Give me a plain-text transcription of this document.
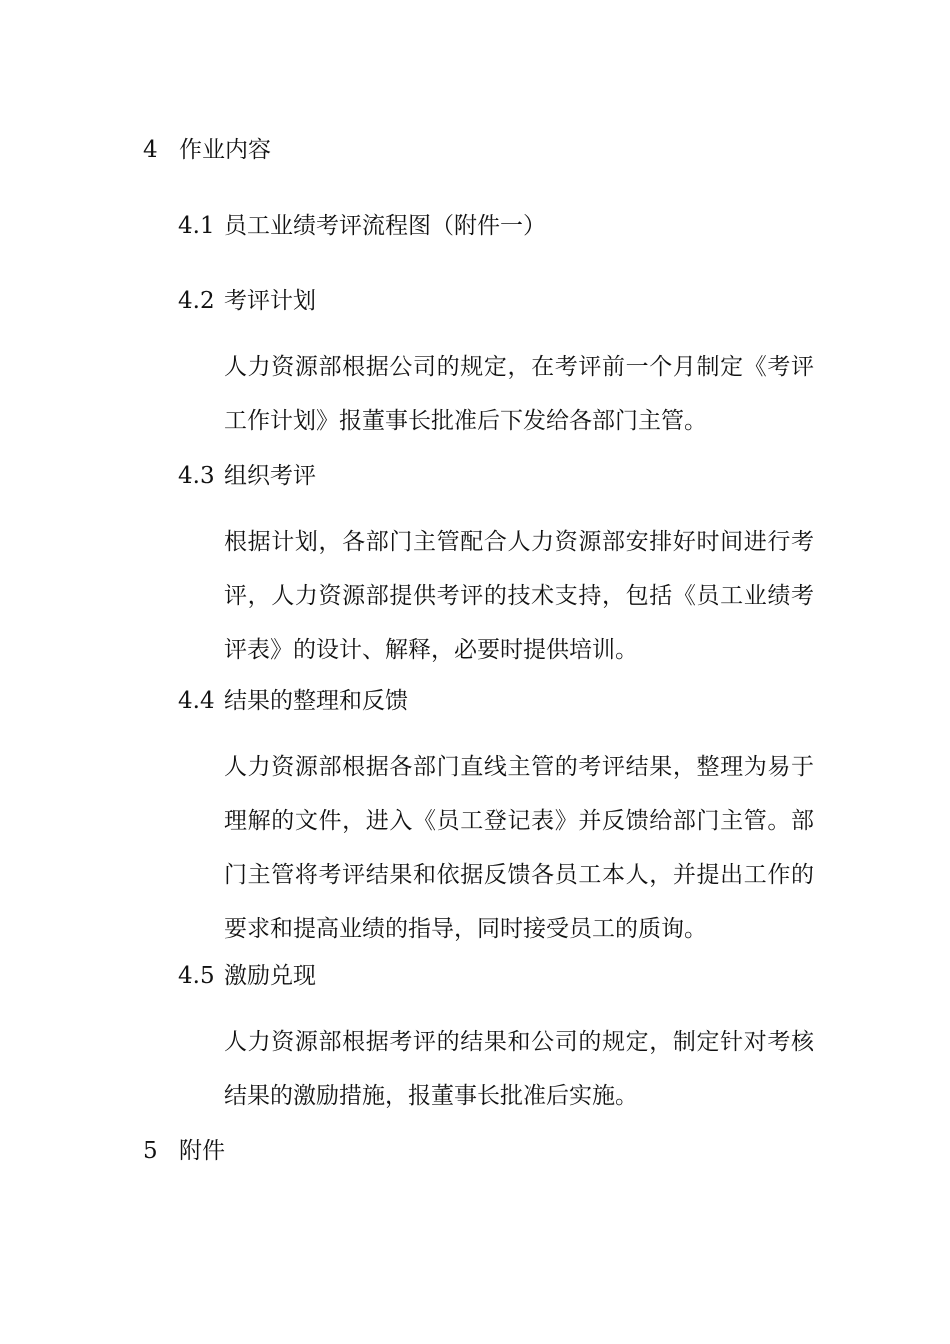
4 作业内容
4.1 员工业绩考评流程图（附件一）
4.2 考评计划
人力资源部根据公司的规定，在考评前一个月制定《考评工作计划》报董事长批准后下发给各部门主管。
4.3 组织考评
根据计划，各部门主管配合人力资源部安排好时间进行考评，人力资源部提供考评的技术支持，包括《员工业绩考评表》的设计、解释，必要时提供培训。
4.4 结果的整理和反馈
人力资源部根据各部门直线主管的考评结果，整理为易于理解的文件，进入《员工登记表》并反馈给部门主管。部门主管将考评结果和依据反馈各员工本人，并提出工作的要求和提高业绩的指导，同时接受员工的质询。
4.5 激励兑现
人力资源部根据考评的结果和公司的规定，制定针对考核结果的激励措施，报董事长批准后实施。
5 附件
